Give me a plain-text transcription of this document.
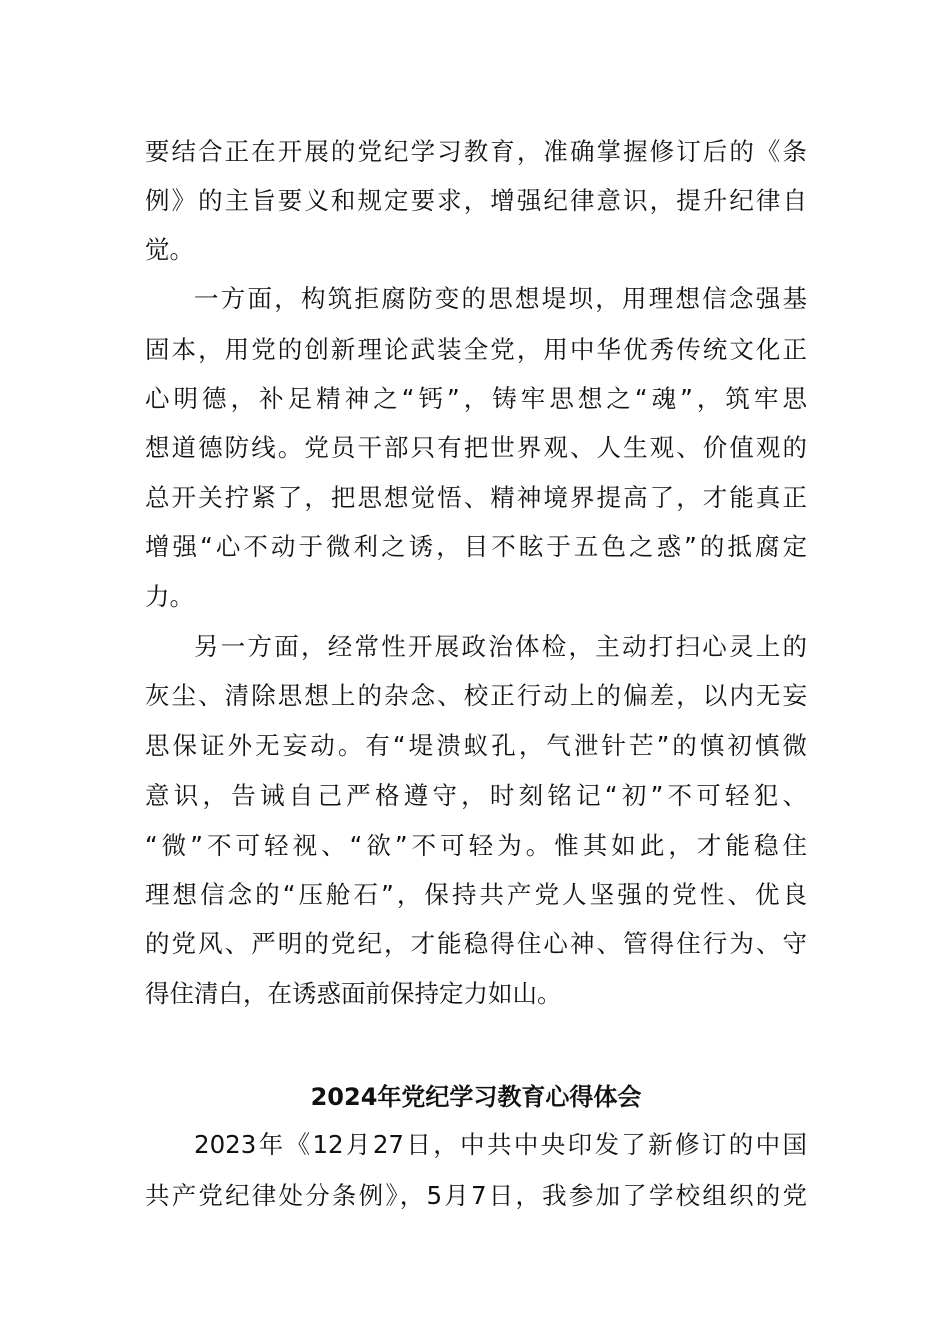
要结合正在开展的党纪学习教育，准确掌握修订后的《条
例》的主旨要义和规定要求，增强纪律意识，提升纪律自
觉。
一方面，构筑拒腐防变的思想堤坝，用理想信念强基
固本，用党的创新理论武装全党，用中华优秀传统文化正
心明德，补足精神之“钙”，铸牢思想之“魂”，筑牢思
想道德防线。党员干部只有把世界观、人生观、价值观的
总开关拧紧了，把思想觉悟、精神境界提高了，才能真正
增强“心不动于微利之诱，目不眩于五色之惑”的抵腐定
力。
另一方面，经常性开展政治体检，主动打扫心灵上的
灰尘、清除思想上的杂念、校正行动上的偏差，以内无妄
思保证外无妄动。有“堤溃蚁孔，气泄针芒”的慎初慎微
意识，告诫自己严格遵守，时刻铭记“初”不可轻犯、
“微”不可轻视、“欲”不可轻为。惟其如此，才能稳住
理想信念的“压舱石”，保持共产党人坚强的党性、优良
的党风、严明的党纪，才能稳得住心神、管得住行为、守
得住清白，在诱惑面前保持定力如山。
2024年党纪学习教育心得体会
2023年《12月27日，中共中央印发了新修订的中国
共产党纪律处分条例》，5月7日，我参加了学校组织的党
